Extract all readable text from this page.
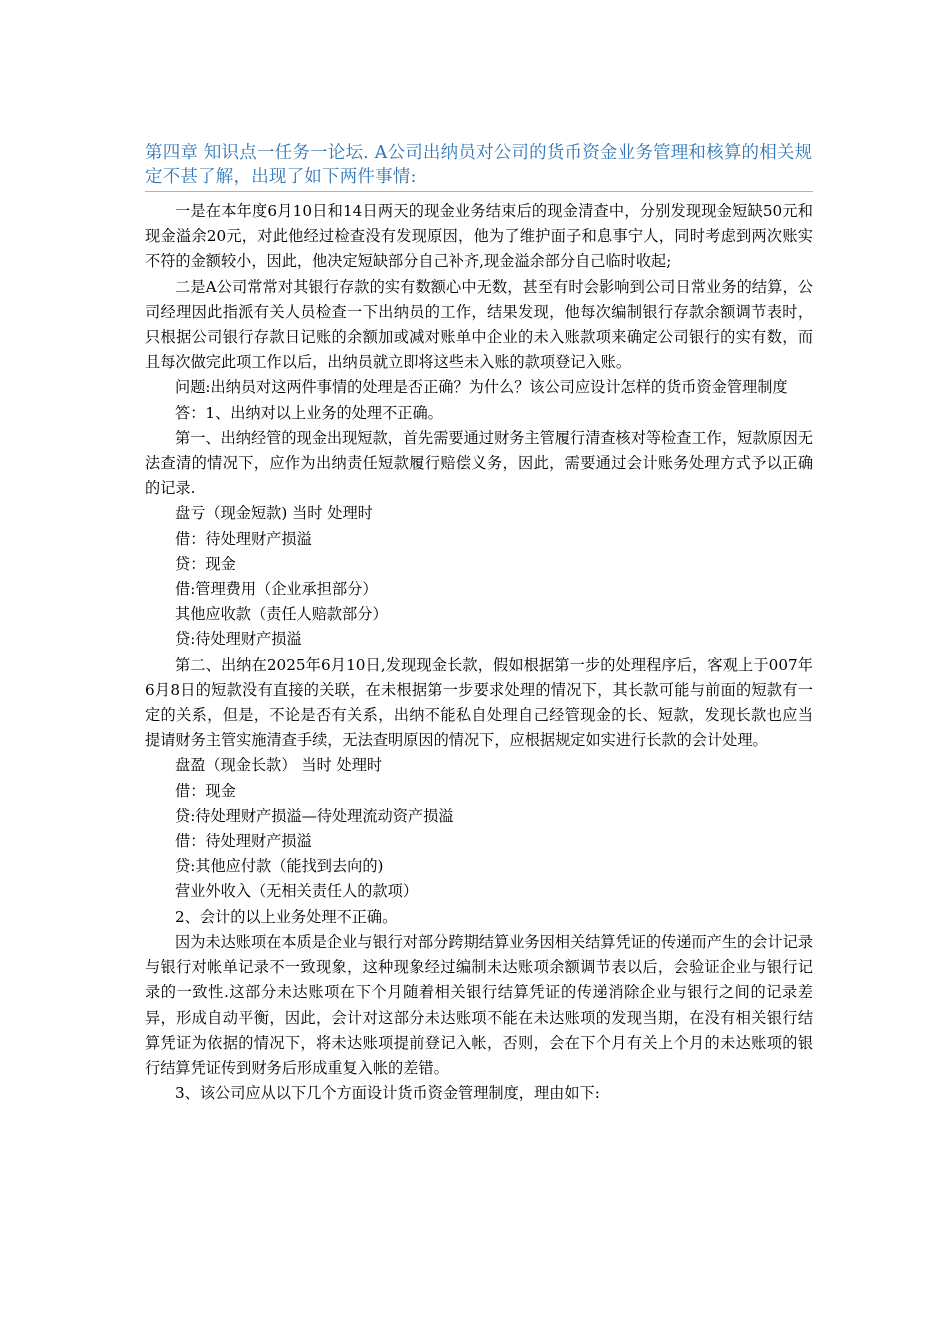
第四章 知识点一任务一论坛. A公司出纳员对公司的货币资金业务管理和核算的相关规定不甚了解，出现了如下两件事情:

一是在本年度6月10日和14日两天的现金业务结束后的现金清查中，分别发现现金短缺50元和现金溢余20元，对此他经过检查没有发现原因，他为了维护面子和息事宁人，同时考虑到两次账实不符的金额较小，因此，他决定短缺部分自己补齐,现金溢余部分自己临时收起;

二是A公司常常对其银行存款的实有数额心中无数，甚至有时会影响到公司日常业务的结算，公司经理因此指派有关人员检查一下出纳员的工作，结果发现，他每次编制银行存款余额调节表时，只根据公司银行存款日记账的余额加或减对账单中企业的未入账款项来确定公司银行的实有数，而且每次做完此项工作以后，出纳员就立即将这些未入账的款项登记入账。

问题:出纳员对这两件事情的处理是否正确？为什么？该公司应设计怎样的货币资金管理制度

答：1、出纳对以上业务的处理不正确。

第一、出纳经管的现金出现短款，首先需要通过财务主管履行清查核对等检查工作，短款原因无法查清的情况下，应作为出纳责任短款履行赔偿义务，因此，需要通过会计账务处理方式予以正确的记录.

盘亏（现金短款) 当时 处理时

借：待处理财产损溢

贷：现金

借:管理费用（企业承担部分）

其他应收款（责任人赔款部分）

贷:待处理财产损溢

第二、出纳在2025年6月10日,发现现金长款，假如根据第一步的处理程序后，客观上于007年6月8日的短款没有直接的关联，在未根据第一步要求处理的情况下，其长款可能与前面的短款有一定的关系，但是，不论是否有关系，出纳不能私自处理自己经管现金的长、短款，发现长款也应当提请财务主管实施清查手续，无法查明原因的情况下，应根据规定如实进行长款的会计处理。

盘盈（现金长款） 当时 处理时

借：现金

贷:待处理财产损溢—待处理流动资产损溢

借：待处理财产损溢

贷:其他应付款（能找到去向的)

营业外收入（无相关责任人的款项）

2、会计的以上业务处理不正确。

因为未达账项在本质是企业与银行对部分跨期结算业务因相关结算凭证的传递而产生的会计记录与银行对帐单记录不一致现象，这种现象经过编制未达账项余额调节表以后，会验证企业与银行记录的一致性.这部分未达账项在下个月随着相关银行结算凭证的传递消除企业与银行之间的记录差异，形成自动平衡，因此，会计对这部分未达账项不能在未达账项的发现当期，在没有相关银行结算凭证为依据的情况下，将未达账项提前登记入帐，否则，会在下个月有关上个月的未达账项的银行结算凭证传到财务后形成重复入帐的差错。

3、该公司应从以下几个方面设计货币资金管理制度，理由如下:
